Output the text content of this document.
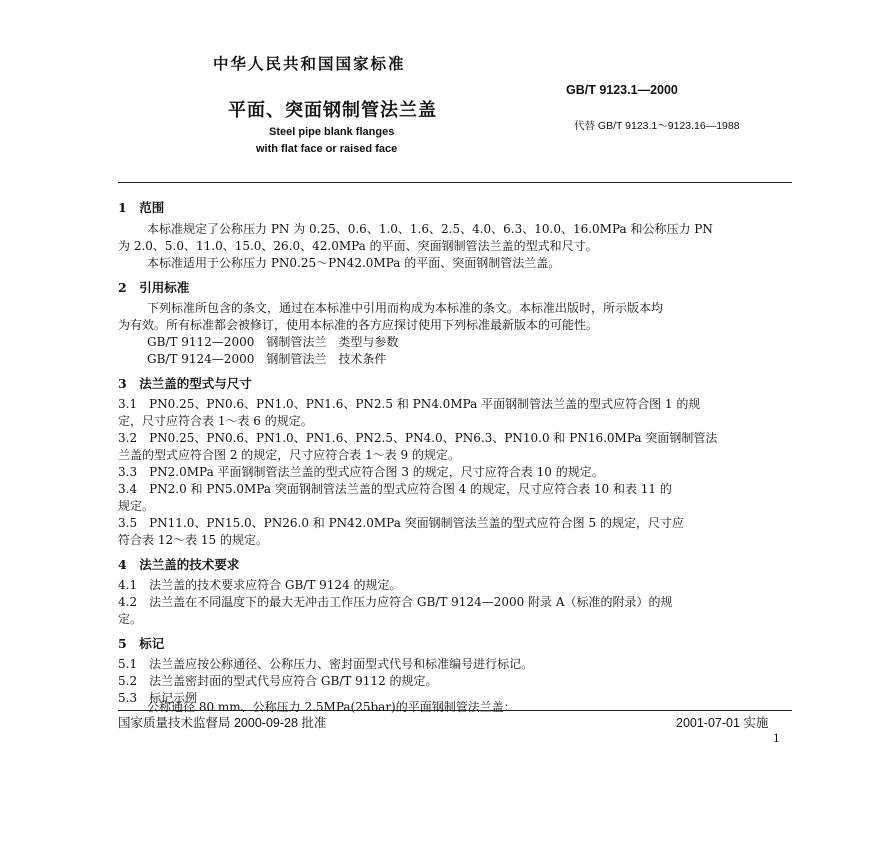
中华人民共和国国家标准
GB/T 9123.1—2000
平面、突面钢制管法兰盖
代替 GB/T 9123.1～9123.16—1988
Steel pipe blank flanges
with flat face or raised face
1　范围
本标准规定了公称压力 PN 为 0.25、0.6、1.0、1.6、2.5、4.0、6.3、10.0、16.0MPa 和公称压力 PN
为 2.0、5.0、11.0、15.0、26.0、42.0MPa 的平面、突面钢制管法兰盖的型式和尺寸。
本标准适用于公称压力 PN0.25～PN42.0MPa 的平面、突面钢制管法兰盖。
2　引用标准
下列标准所包含的条文，通过在本标准中引用而构成为本标准的条文。本标准出版时，所示版本均
为有效。所有标准都会被修订，使用本标准的各方应探讨使用下列标准最新版本的可能性。
GB/T 9112—2000　钢制管法兰　类型与参数
GB/T 9124—2000　钢制管法兰　技术条件
3　法兰盖的型式与尺寸
3.1　PN0.25、PN0.6、PN1.0、PN1.6、PN2.5 和 PN4.0MPa 平面钢制管法兰盖的型式应符合图 1 的规
定，尺寸应符合表 1～表 6 的规定。
3.2　PN0.25、PN0.6、PN1.0、PN1.6、PN2.5、PN4.0、PN6.3、PN10.0 和 PN16.0MPa 突面钢制管法
兰盖的型式应符合图 2 的规定，尺寸应符合表 1～表 9 的规定。
3.3　PN2.0MPa 平面钢制管法兰盖的型式应符合图 3 的规定，尺寸应符合表 10 的规定。
3.4　PN2.0 和 PN5.0MPa 突面钢制管法兰盖的型式应符合图 4 的规定，尺寸应符合表 10 和表 11 的
规定。
3.5　PN11.0、PN15.0、PN26.0 和 PN42.0MPa 突面钢制管法兰盖的型式应符合图 5 的规定，尺寸应
符合表 12～表 15 的规定。
4　法兰盖的技术要求
4.1　法兰盖的技术要求应符合 GB/T 9124 的规定。
4.2　法兰盖在不同温度下的最大无冲击工作压力应符合 GB/T 9124—2000 附录 A（标准的附录）的规
定。
5　标记
5.1　法兰盖应按公称通径、公称压力、密封面型式代号和标准编号进行标记。
5.2　法兰盖密封面的型式代号应符合 GB/T 9112 的规定。
5.3　标记示例
公称通径 80 mm、公称压力 2.5MPa(25bar)的平面钢制管法兰盖：
国家质量技术监督局 2000-09-28 批准	2001-07-01 实施
1
